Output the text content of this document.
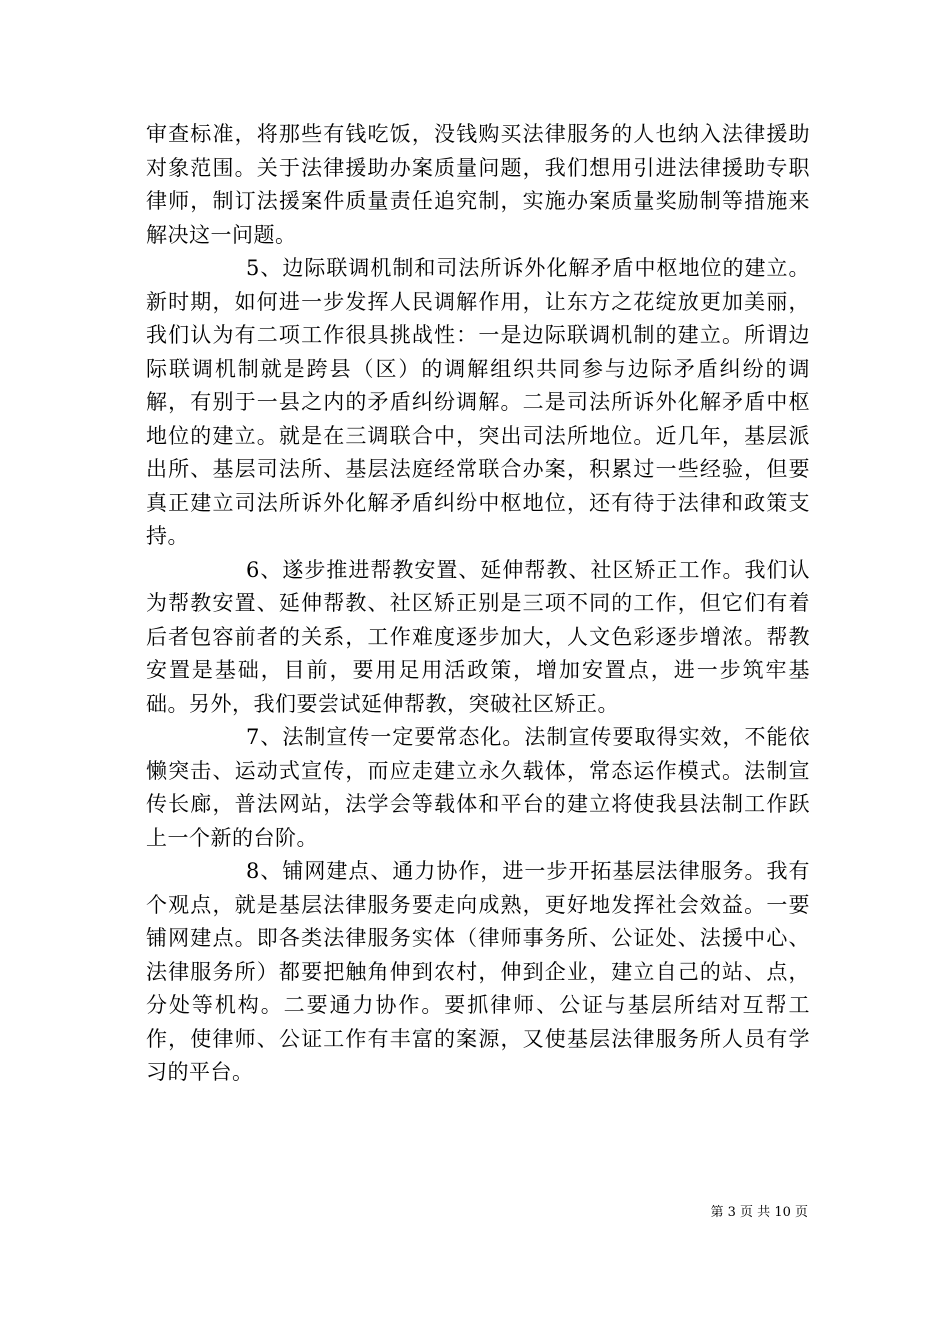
审查标准，将那些有钱吃饭，没钱购买法律服务的人也纳入法律援助对象范围。关于法律援助办案质量问题，我们想用引进法律援助专职律师，制订法援案件质量责任追究制，实施办案质量奖励制等措施来解决这一问题。

5、边际联调机制和司法所诉外化解矛盾中枢地位的建立。新时期，如何进一步发挥人民调解作用，让东方之花绽放更加美丽，我们认为有二项工作很具挑战性：一是边际联调机制的建立。所谓边际联调机制就是跨县（区）的调解组织共同参与边际矛盾纠纷的调解，有别于一县之内的矛盾纠纷调解。二是司法所诉外化解矛盾中枢地位的建立。就是在三调联合中，突出司法所地位。近几年，基层派出所、基层司法所、基层法庭经常联合办案，积累过一些经验，但要真正建立司法所诉外化解矛盾纠纷中枢地位，还有待于法律和政策支持。

6、遂步推进帮教安置、延伸帮教、社区矫正工作。我们认为帮教安置、延伸帮教、社区矫正别是三项不同的工作，但它们有着后者包容前者的关系，工作难度逐步加大，人文色彩逐步增浓。帮教安置是基础，目前，要用足用活政策，增加安置点，进一步筑牢基础。另外，我们要尝试延伸帮教，突破社区矫正。

7、法制宣传一定要常态化。法制宣传要取得实效，不能依懒突击、运动式宣传，而应走建立永久载体，常态运作模式。法制宣传长廊，普法网站，法学会等载体和平台的建立将使我县法制工作跃上一个新的台阶。

8、铺网建点、通力协作，进一步开拓基层法律服务。我有个观点，就是基层法律服务要走向成熟，更好地发挥社会效益。一要铺网建点。即各类法律服务实体（律师事务所、公证处、法援中心、法律服务所）都要把触角伸到农村，伸到企业，建立自己的站、点，分处等机构。二要通力协作。要抓律师、公证与基层所结对互帮工作，使律师、公证工作有丰富的案源，又使基层法律服务所人员有学习的平台。

第 3 页 共 10 页
